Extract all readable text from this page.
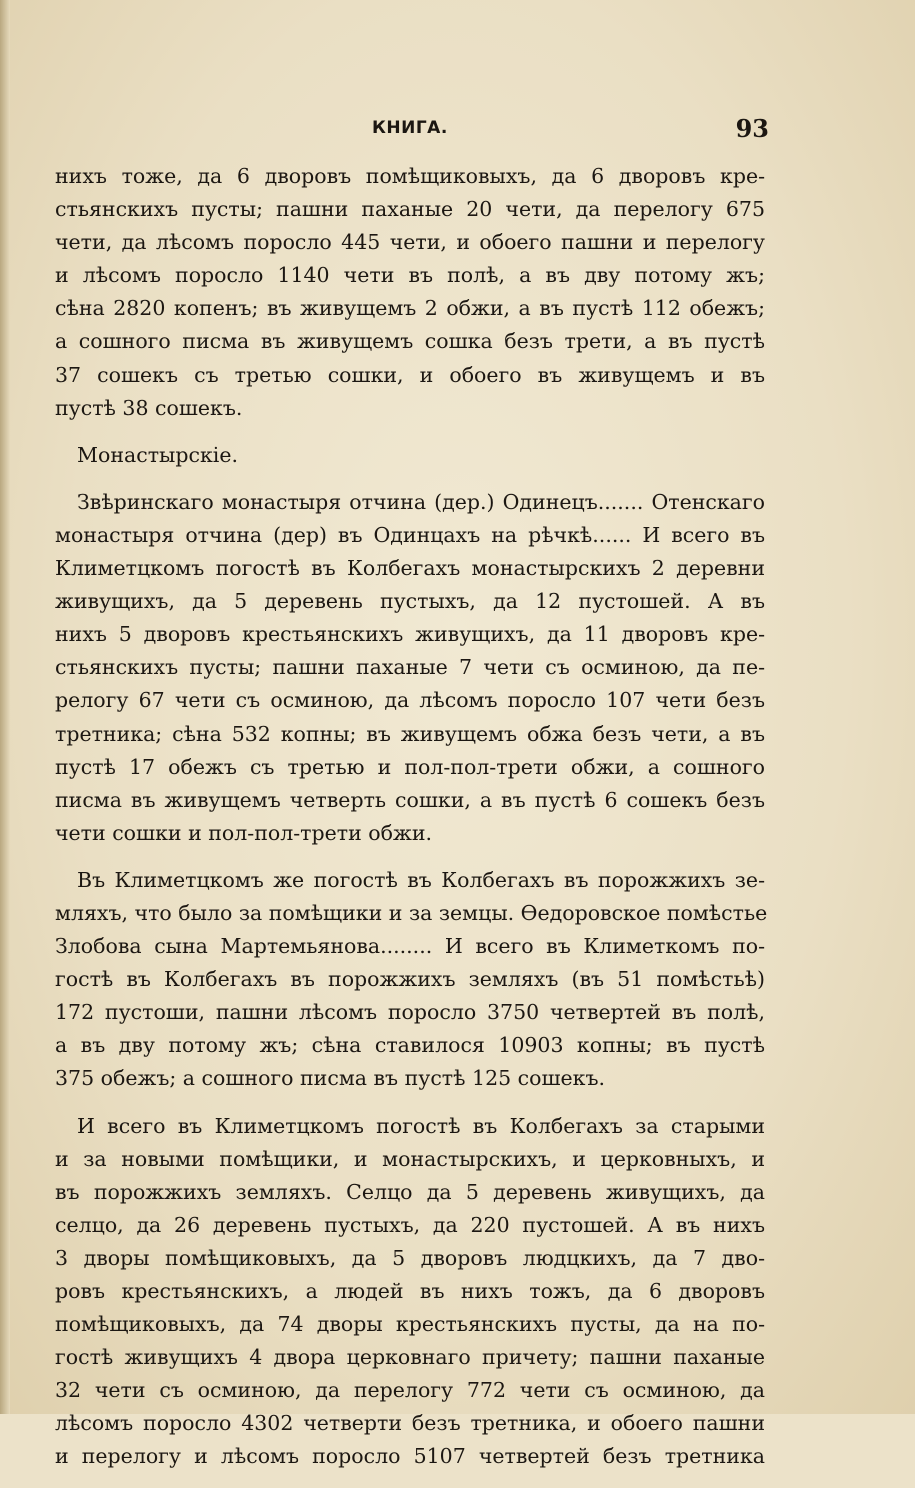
КНИГА.	93
нихъ тоже, да 6 дворовъ помѣщиковыхъ, да 6 дворовъ кре-
стьянскихъ пусты; пашни паханые 20 чети, да перелогу 675
чети, да лѣсомъ поросло 445 чети, и обоего пашни и перелогу
и лѣсомъ поросло 1140 чети въ полѣ, а въ дву потому жъ;
сѣна 2820 копенъ; въ живущемъ 2 обжи, а въ пустѣ 112 обежъ;
а сошного писма въ живущемъ сошка безъ трети, а въ пустѣ
37 сошекъ съ третью сошки, и обоего въ живущемъ и въ
пустѣ 38 сошекъ.
Монастырскіе.
Звѣринскаго монастыря отчина (дер.) Одинецъ....... Отенскаго
монастыря отчина (дер) въ Одинцахъ на рѣчкѣ...... И всего въ
Климетцкомъ погостѣ въ Колбегахъ монастырскихъ 2 деревни
живущихъ, да 5 деревень пустыхъ, да 12 пустошей. А въ
нихъ 5 дворовъ крестьянскихъ живущихъ, да 11 дворовъ кре-
стьянскихъ пусты; пашни паханые 7 чети съ осминою, да пе-
релогу 67 чети съ осминою, да лѣсомъ поросло 107 чети безъ
третника; сѣна 532 копны; въ живущемъ обжа безъ чети, а въ
пустѣ 17 обежъ съ третью и пол-пол-трети обжи, а сошного
писма въ живущемъ четверть сошки, а въ пустѣ 6 сошекъ безъ
чети сошки и пол-пол-трети обжи.
Въ Климетцкомъ же погостѣ въ Колбегахъ въ порожжихъ зе-
мляхъ, что было за помѣщики и за земцы. Ѳедоровское помѣстье
Злобова сына Мартемьянова........ И всего въ Климеткомъ по-
гостѣ въ Колбегахъ въ порожжихъ земляхъ (въ 51 помѣстьѣ)
172 пустоши, пашни лѣсомъ поросло 3750 четвертей въ полѣ,
а въ дву потому жъ; сѣна ставилося 10903 копны; въ пустѣ
375 обежъ; а сошного писма въ пустѣ 125 сошекъ.
И всего въ Климетцкомъ погостѣ въ Колбегахъ за старыми
и за новыми помѣщики, и монастырскихъ, и церковныхъ, и
въ порожжихъ земляхъ. Селцо да 5 деревень живущихъ, да
селцо, да 26 деревень пустыхъ, да 220 пустошей. А въ нихъ
3 дворы помѣщиковыхъ, да 5 дворовъ людцкихъ, да 7 дво-
ровъ крестьянскихъ, а людей въ нихъ тожъ, да 6 дворовъ
помѣщиковыхъ, да 74 дворы крестьянскихъ пусты, да на по-
гостѣ живущихъ 4 двора церковнаго причету; пашни паханые
32 чети съ осминою, да перелогу 772 чети съ осминою, да
лѣсомъ поросло 4302 четверти безъ третника, и обоего пашни
и перелогу и лѣсомъ поросло 5107 четвертей безъ третника
